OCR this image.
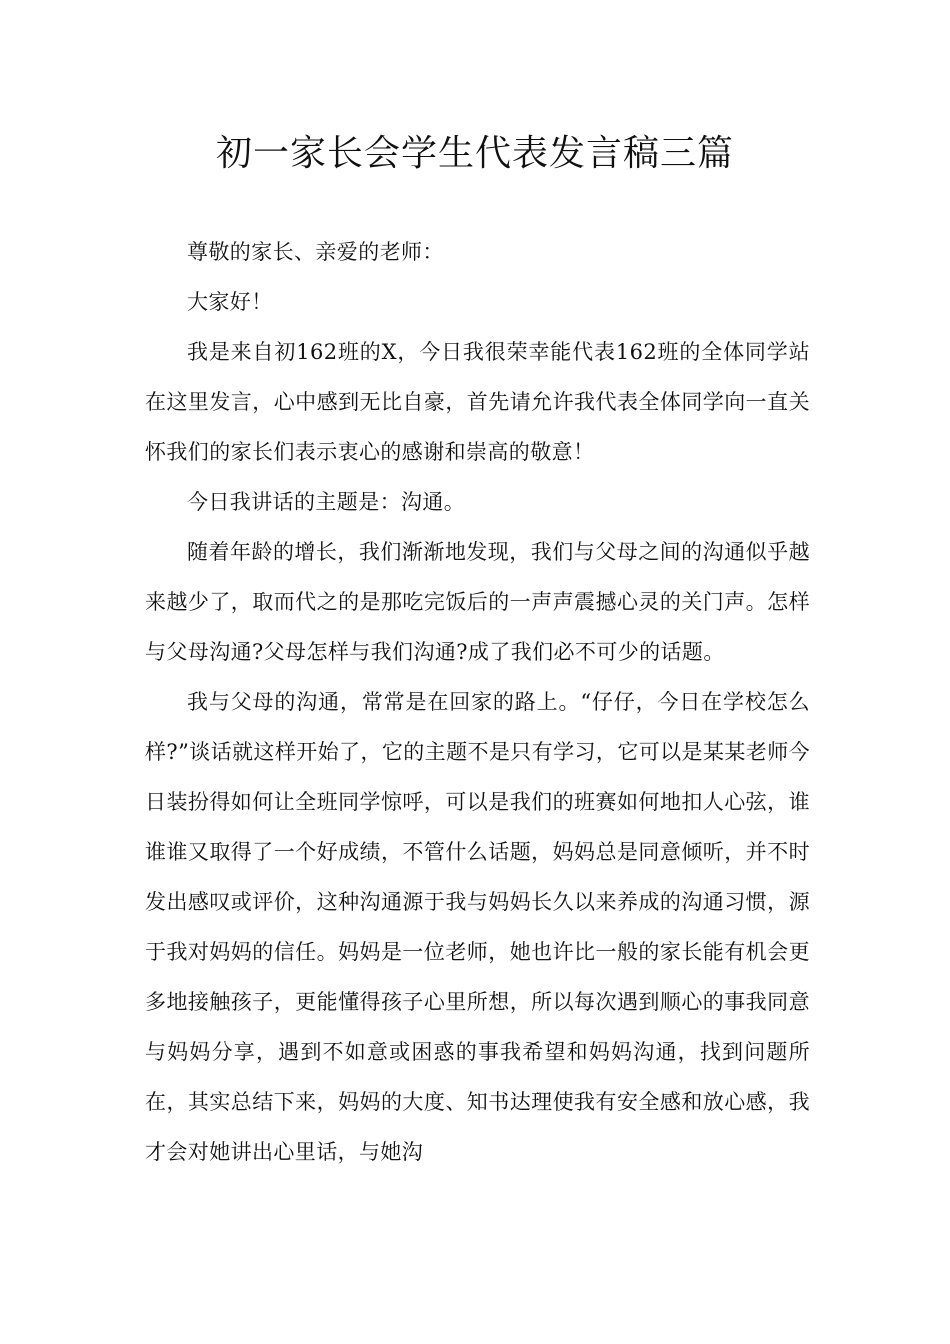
初一家长会学生代表发言稿三篇

尊敬的家长、亲爱的老师：

大家好！

我是来自初162班的X，今日我很荣幸能代表162班的全体同学站在这里发言，心中感到无比自豪，首先请允许我代表全体同学向一直关怀我们的家长们表示衷心的感谢和崇高的敬意！

今日我讲话的主题是：沟通。

随着年龄的增长，我们渐渐地发现，我们与父母之间的沟通似乎越来越少了，取而代之的是那吃完饭后的一声声震撼心灵的关门声。怎样与父母沟通?父母怎样与我们沟通?成了我们必不可少的话题。

我与父母的沟通，常常是在回家的路上。“仔仔，今日在学校怎么样?”谈话就这样开始了，它的主题不是只有学习，它可以是某某老师今日装扮得如何让全班同学惊呼，可以是我们的班赛如何地扣人心弦，谁谁谁又取得了一个好成绩，不管什么话题，妈妈总是同意倾听，并不时发出感叹或评价，这种沟通源于我与妈妈长久以来养成的沟通习惯，源于我对妈妈的信任。妈妈是一位老师，她也许比一般的家长能有机会更多地接触孩子，更能懂得孩子心里所想，所以每次遇到顺心的事我同意与妈妈分享，遇到不如意或困惑的事我希望和妈妈沟通，找到问题所在，其实总结下来，妈妈的大度、知书达理使我有安全感和放心感，我才会对她讲出心里话，与她沟
